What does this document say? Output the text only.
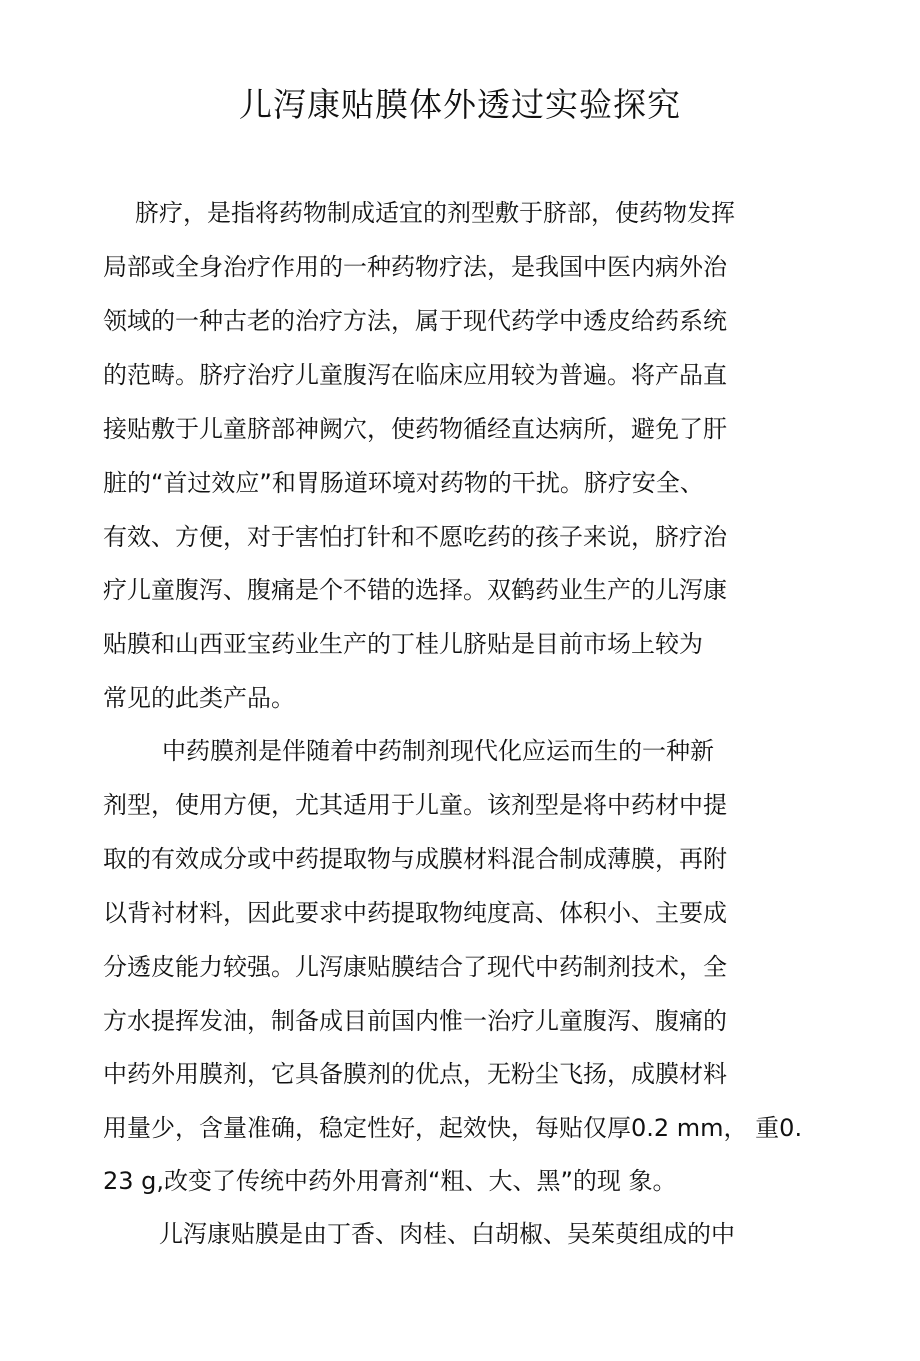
儿泻康贴膜体外透过实验探究
脐疗，是指将药物制成适宜的剂型敷于脐部，使药物发挥
局部或全身治疗作用的一种药物疗法，是我国中医内病外治
领域的一种古老的治疗方法，属于现代药学中透皮给药系统
的范畴。脐疗治疗儿童腹泻在临床应用较为普遍。将产品直
接贴敷于儿童脐部神阙穴，使药物循经直达病所，避免了肝
脏的“首过效应”和胃肠道环境对药物的干扰。脐疗安全、
有效、方便，对于害怕打针和不愿吃药的孩子来说，脐疗治
疗儿童腹泻、腹痛是个不错的选择。双鹤药业生产的儿泻康
贴膜和山西亚宝药业生产的丁桂儿脐贴是目前市场上较为
常见的此类产品。
中药膜剂是伴随着中药制剂现代化应运而生的一种新
剂型，使用方便，尤其适用于儿童。该剂型是将中药材中提
取的有效成分或中药提取物与成膜材料混合制成薄膜，再附
以背衬材料，因此要求中药提取物纯度高、体积小、主要成
分透皮能力较强。儿泻康贴膜结合了现代中药制剂技术，全
方水提挥发油，制备成目前国内惟一治疗儿童腹泻、腹痛的
中药外用膜剂，它具备膜剂的优点，无粉尘飞扬，成膜材料
用量少，含量准确，稳定性好，起效快，每贴仅厚0.2 mm， 重0.
23 g,改变了传统中药外用膏剂“粗、大、黑”的现 象。
儿泻康贴膜是由丁香、肉桂、白胡椒、吴茱萸组成的中
